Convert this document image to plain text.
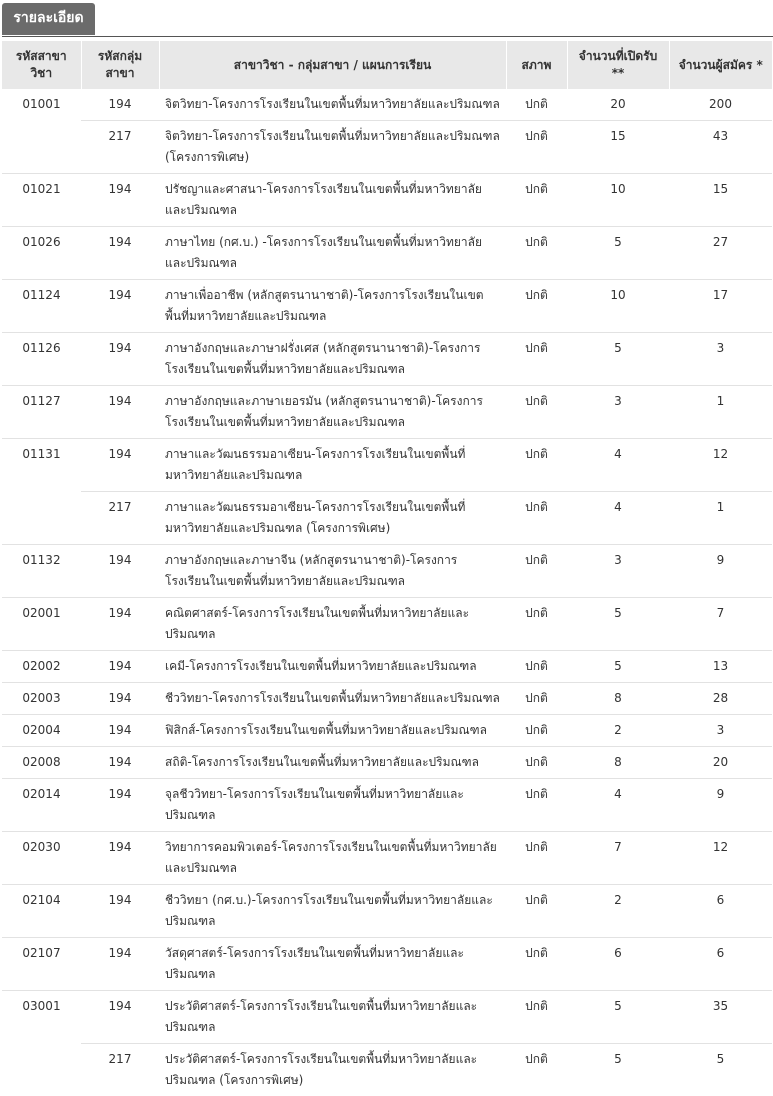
รายละเอียด
รหัสสาขาวิชา	รหัสกลุ่มสาขา	สาขาวิชา - กลุ่มสาขา / แผนการเรียน	สภาพ	จำนวนที่เปิดรับ **	จำนวนผู้สมัคร *
01001	194	จิตวิทยา-โครงการโรงเรียนในเขตพื้นที่มหาวิทยาลัยและปริมณฑล	ปกติ	20	200
	217	จิตวิทยา-โครงการโรงเรียนในเขตพื้นที่มหาวิทยาลัยและปริมณฑล (โครงการพิเศษ)	ปกติ	15	43
01021	194	ปรัชญาและศาสนา-โครงการโรงเรียนในเขตพื้นที่มหาวิทยาลัยและปริมณฑล	ปกติ	10	15
01026	194	ภาษาไทย (กศ.บ.) -โครงการโรงเรียนในเขตพื้นที่มหาวิทยาลัยและปริมณฑล	ปกติ	5	27
01124	194	ภาษาเพื่ออาชีพ (หลักสูตรนานาชาติ)-โครงการโรงเรียนในเขตพื้นที่มหาวิทยาลัยและปริมณฑล	ปกติ	10	17
01126	194	ภาษาอังกฤษและภาษาฝรั่งเศส (หลักสูตรนานาชาติ)-โครงการโรงเรียนในเขตพื้นที่มหาวิทยาลัยและปริมณฑล	ปกติ	5	3
01127	194	ภาษาอังกฤษและภาษาเยอรมัน (หลักสูตรนานาชาติ)-โครงการโรงเรียนในเขตพื้นที่มหาวิทยาลัยและปริมณฑล	ปกติ	3	1
01131	194	ภาษาและวัฒนธรรมอาเซียน-โครงการโรงเรียนในเขตพื้นที่มหาวิทยาลัยและปริมณฑล	ปกติ	4	12
	217	ภาษาและวัฒนธรรมอาเซียน-โครงการโรงเรียนในเขตพื้นที่มหาวิทยาลัยและปริมณฑล (โครงการพิเศษ)	ปกติ	4	1
01132	194	ภาษาอังกฤษและภาษาจีน (หลักสูตรนานาชาติ)-โครงการโรงเรียนในเขตพื้นที่มหาวิทยาลัยและปริมณฑล	ปกติ	3	9
02001	194	คณิตศาสตร์-โครงการโรงเรียนในเขตพื้นที่มหาวิทยาลัยและปริมณฑล	ปกติ	5	7
02002	194	เคมี-โครงการโรงเรียนในเขตพื้นที่มหาวิทยาลัยและปริมณฑล	ปกติ	5	13
02003	194	ชีววิทยา-โครงการโรงเรียนในเขตพื้นที่มหาวิทยาลัยและปริมณฑล	ปกติ	8	28
02004	194	ฟิสิกส์-โครงการโรงเรียนในเขตพื้นที่มหาวิทยาลัยและปริมณฑล	ปกติ	2	3
02008	194	สถิติ-โครงการโรงเรียนในเขตพื้นที่มหาวิทยาลัยและปริมณฑล	ปกติ	8	20
02014	194	จุลชีววิทยา-โครงการโรงเรียนในเขตพื้นที่มหาวิทยาลัยและปริมณฑล	ปกติ	4	9
02030	194	วิทยาการคอมพิวเตอร์-โครงการโรงเรียนในเขตพื้นที่มหาวิทยาลัยและปริมณฑล	ปกติ	7	12
02104	194	ชีววิทยา (กศ.บ.)-โครงการโรงเรียนในเขตพื้นที่มหาวิทยาลัยและปริมณฑล	ปกติ	2	6
02107	194	วัสดุศาสตร์-โครงการโรงเรียนในเขตพื้นที่มหาวิทยาลัยและปริมณฑล	ปกติ	6	6
03001	194	ประวัติศาสตร์-โครงการโรงเรียนในเขตพื้นที่มหาวิทยาลัยและปริมณฑล	ปกติ	5	35
	217	ประวัติศาสตร์-โครงการโรงเรียนในเขตพื้นที่มหาวิทยาลัยและปริมณฑล (โครงการพิเศษ)	ปกติ	5	5
